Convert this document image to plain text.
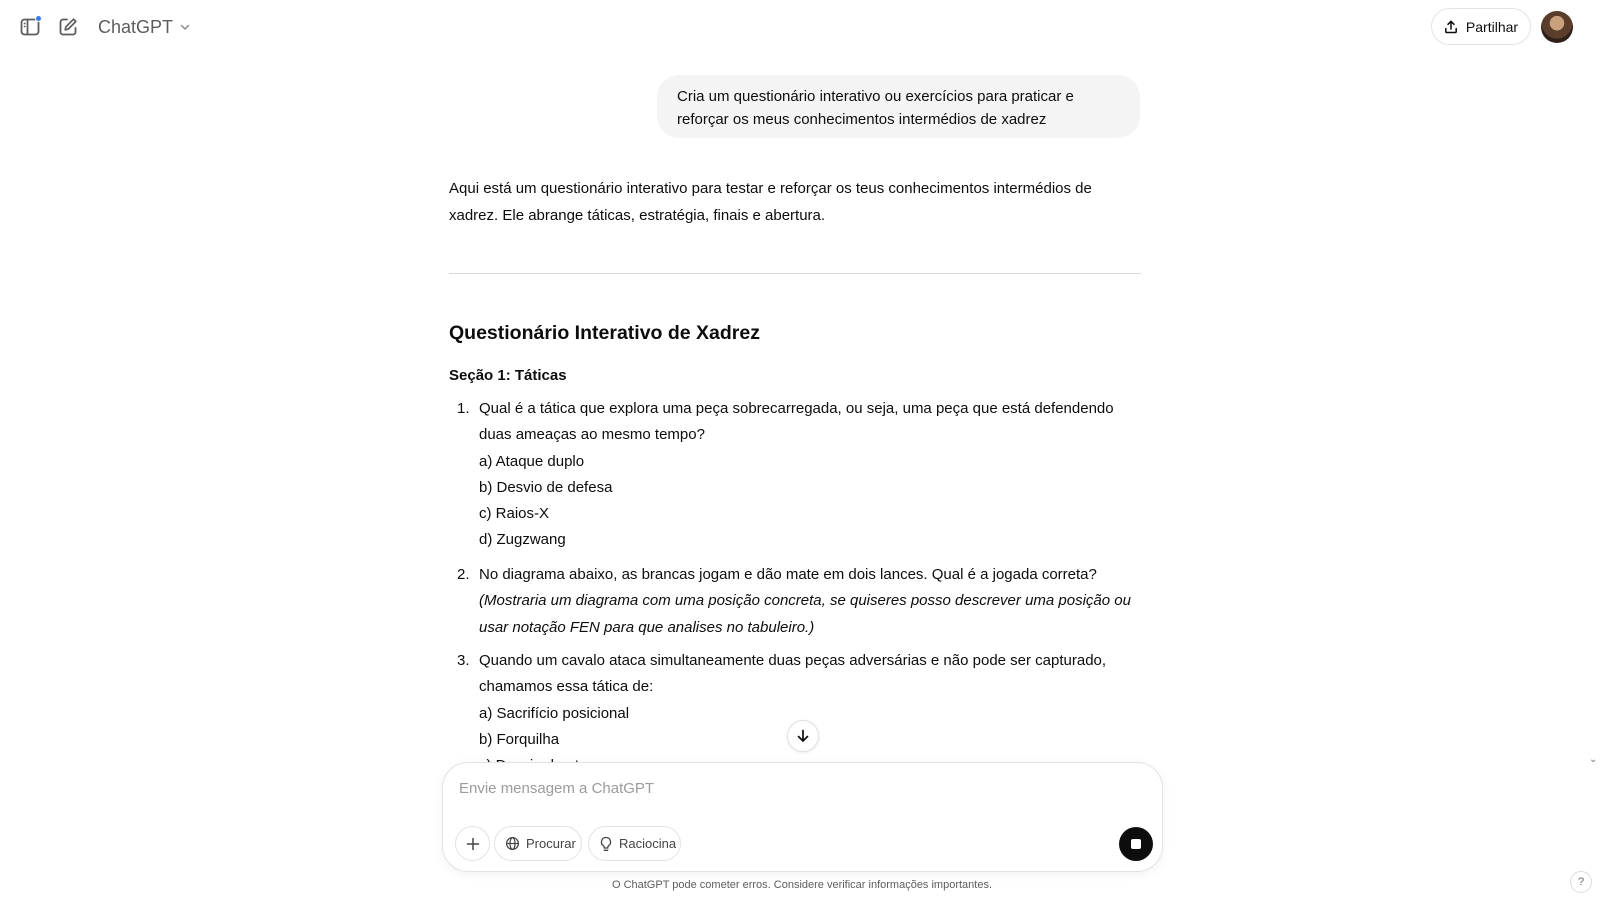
ChatGPT	Partilhar
Cria um questionário interativo ou exercícios para praticar e reforçar os meus conhecimentos intermédios de xadrez

Aqui está um questionário interativo para testar e reforçar os teus conhecimentos intermédios de xadrez. Ele abrange táticas, estratégia, finais e abertura.

Questionário Interativo de Xadrez
Seção 1: Táticas
1. Qual é a tática que explora uma peça sobrecarregada, ou seja, uma peça que está defendendo duas ameaças ao mesmo tempo?
a) Ataque duplo
b) Desvio de defesa
c) Raios-X
d) Zugzwang
2. No diagrama abaixo, as brancas jogam e dão mate em dois lances. Qual é a jogada correta?
(Mostraria um diagrama com uma posição concreta, se quiseres posso descrever uma posição ou usar notação FEN para que analises no tabuleiro.)
3. Quando um cavalo ataca simultaneamente duas peças adversárias e não pode ser capturado, chamamos essa tática de:
a) Sacrifício posicional
b) Forquilha
⌄
Envie mensagem a ChatGPT
Procurar	Raciocina
O ChatGPT pode cometer erros. Considere verificar informações importantes.	?
